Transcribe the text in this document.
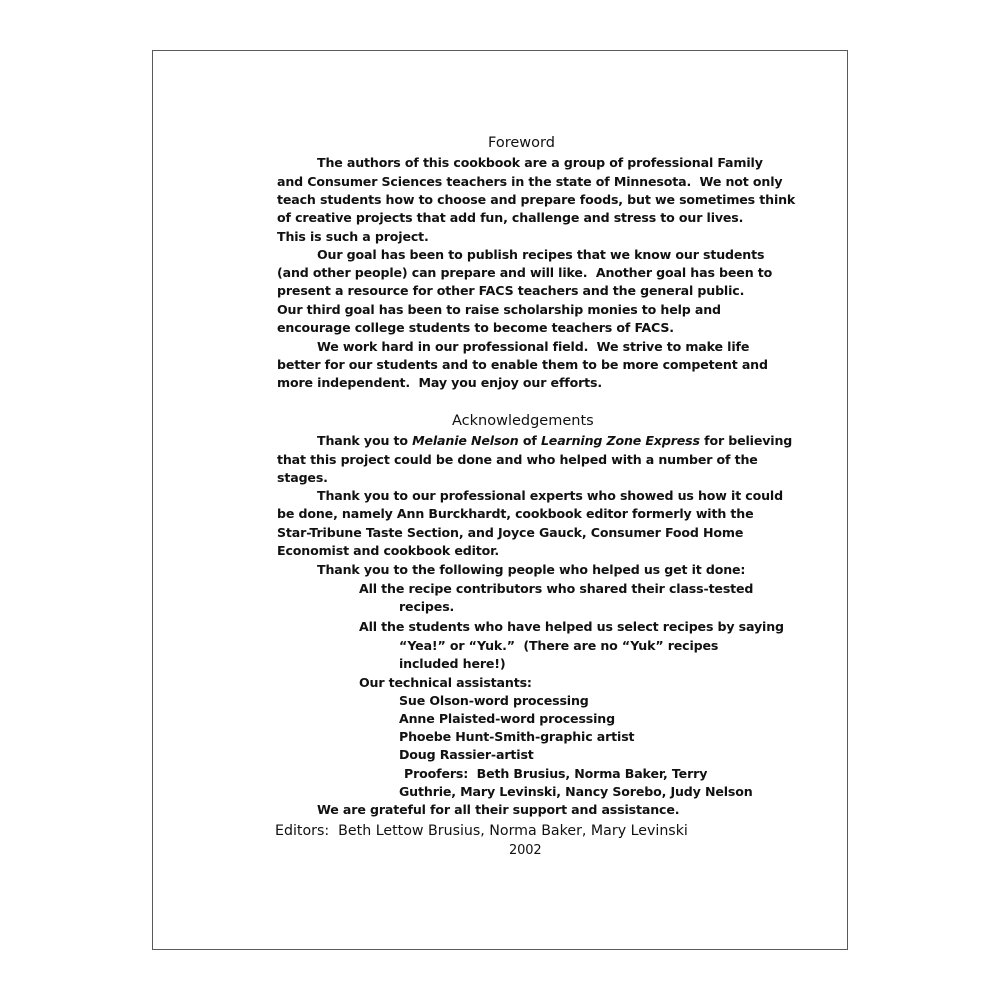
Foreword
The authors of this cookbook are a group of professional Family
and Consumer Sciences teachers in the state of Minnesota.  We not only
teach students how to choose and prepare foods, but we sometimes think
of creative projects that add fun, challenge and stress to our lives.
This is such a project.
Our goal has been to publish recipes that we know our students
(and other people) can prepare and will like.  Another goal has been to
present a resource for other FACS teachers and the general public.
Our third goal has been to raise scholarship monies to help and
encourage college students to become teachers of FACS.
We work hard in our professional field.  We strive to make life
better for our students and to enable them to be more competent and
more independent.  May you enjoy our efforts.
Acknowledgements
Thank you to Melanie Nelson of Learning Zone Express for believing
that this project could be done and who helped with a number of the
stages.
Thank you to our professional experts who showed us how it could
be done, namely Ann Burckhardt, cookbook editor formerly with the
Star-Tribune Taste Section, and Joyce Gauck, Consumer Food Home
Economist and cookbook editor.
Thank you to the following people who helped us get it done:
All the recipe contributors who shared their class-tested
recipes.
All the students who have helped us select recipes by saying
“Yea!” or “Yuk.”  (There are no “Yuk” recipes
included here!)
Our technical assistants:
Sue Olson-word processing
Anne Plaisted-word processing
Phoebe Hunt-Smith-graphic artist
Doug Rassier-artist
Proofers:  Beth Brusius, Norma Baker, Terry
Guthrie, Mary Levinski, Nancy Sorebo, Judy Nelson
We are grateful for all their support and assistance.
Editors:  Beth Lettow Brusius, Norma Baker, Mary Levinski
2002
